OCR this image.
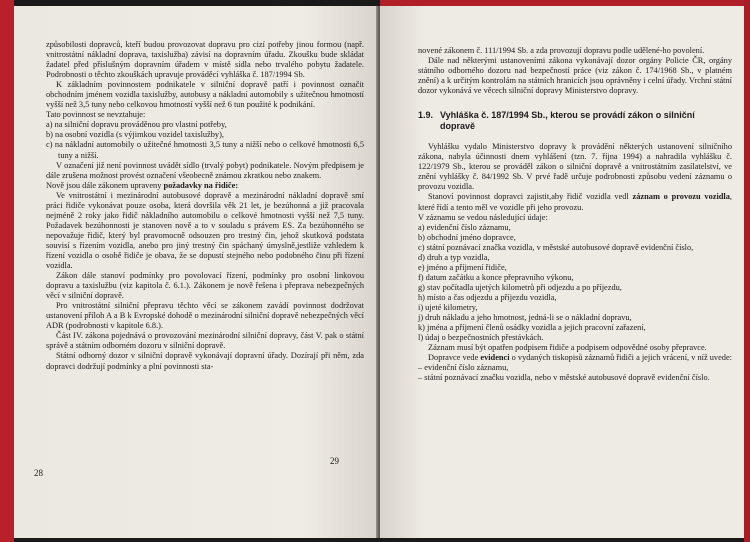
způsobilosti dopravců, kteří budou provozovat dopravu pro cizí potřeby jinou formou (např. vnitrostátní nákladní doprava, taxislužba) závisí na dopravním úřadu. Zkoušku bude skládat žadatel před příslušným dopravním úřadem v místě sídla nebo trvalého pobytu žadatele. Podrobnosti o těchto zkouškách upravuje prováděcí vyhláška č. 187/1994 Sb.

K základním povinnostem podnikatele v silniční dopravě patří i povinnost označit obchodním jménem vozidla taxislužby, autobusy a nákladní automobily s užitečnou hmotností vyšší než 3,5 tuny nebo celkovou hmotností vyšší než 6 tun použité k podnikání.

Tato povinnost se nevztahuje:

a) na silniční dopravu prováděnou pro vlastní potřeby,

b) na osobní vozidla (s výjimkou vozidel taxislužby),

c) na nákladní automobily o užitečné hmotnosti 3,5 tuny a nižší nebo o celkové hmotnosti 6,5 tuny a nižší.

V označení již není povinnost uvádět sídlo (trvalý pobyt) podnikatele. Novým předpisem je dále zrušena možnost provést označení všeobecně známou zkratkou nebo znakem.

Nově jsou dále zákonem upraveny požadavky na řidiče:

Ve vnitrostátní i mezinárodní autobusové dopravě a mezinárodní nákladní dopravě smí práci řidiče vykonávat pouze osoba, která dovršila věk 21 let, je bezúhonná a již pracovala nejméně 2 roky jako řidič nákladního automobilu o celkové hmotnosti vyšší než 7,5 tuny. Požadavek bezúhonnosti je stanoven nově a to v souladu s právem ES. Za bezúhonného se nepovažuje řidič, který byl pravomocně odsouzen pro trestný čin, jehož skutková podstata souvisí s řízením vozidla, anebo pro jiný trestný čin spáchaný úmyslně,jestliže vzhledem k řízení vozidla o osobě řidiče je obava, že se dopustí stejného nebo podobného činu při řízení vozidla.

Zákon dále stanoví podmínky pro povolovací řízení, podmínky pro osobní linkovou dopravu a taxislužbu (viz kapitola č. 6.1.). Zákonem je nově řešena i přeprava nebezpečných věcí v silniční dopravě.

Pro vnitrostátní silniční přepravu těchto věcí se zákonem zavádí povinnost dodržovat ustanovení příloh A a B k Evropské dohodě o mezinárodní silniční dopravě nebezpečných věcí ADR (podrobnosti v kapitole 6.8.).

Část IV. zákona pojednává o provozování mezinárodní silniční dopravy, část V. pak o státní správě a státním odborném dozoru v silniční dopravě.

Státní odborný dozor v silniční dopravě vykonávají dopravní úřady. Dozírají při něm, zda dopravci dodržují podmínky a plní povinnosti sta-

28

novené zákonem č. 111/1994 Sb. a zda provozují dopravu podle udělené-ho povolení.

Dále nad některými ustanoveními zákona vykonávají dozor orgány Policie ČR, orgány státního odborného dozoru nad bezpečností práce (viz zákon č. 174/1968 Sb., v platném znění) a k určitým kontrolám na státních hranicích jsou oprávněny i celní úřady. Vrchní státní dozor vykonává ve věcech silniční dopravy Ministerstvo dopravy.

1.9. Vyhláška č. 187/1994 Sb., kterou se provádí zákon o silniční dopravě

Vyhlášku vydalo Ministerstvo dopravy k provádění některých ustanovení silničního zákona, nabyla účinnosti dnem vyhlášení (tzn. 7. října 1994) a nahradila vyhlášku č. 122/1979 Sb., kterou se prováděl zákon o silniční dopravě a vnitrostátním zasílatelství, ve znění vyhlášky č. 84/1992 Sb. V prvé řadě určuje podrobnosti způsobu vedení záznamu o provozu vozidla.

Stanoví povinnost dopravci zajistit,aby řidič vozidla vedl záznam o provozu vozidla, které řídí a tento měl ve vozidle při jeho provozu.

V záznamu se vedou následující údaje:

a) evidenční číslo záznamu,

b) obchodní jméno dopravce,

c) státní poznávací značka vozidla, v městské autobusové dopravě evidenční číslo,

d) druh a typ vozidla,

e) jméno a příjmení řidiče,

f) datum začátku a konce přepravního výkonu,

g) stav počítadla ujetých kilometrů při odjezdu a po příjezdu,

h) místo a čas odjezdu a příjezdu vozidla,

i) ujeté kilometry,

j) druh nákladu a jeho hmotnost, jedná-li se o nákladní dopravu,

k) jména a příjmení členů osádky vozidla a jejich pracovní zařazení,

l) údaj o bezpečnostních přestávkách.

Záznam musí být opatřen podpisem řidiče a podpisem odpovědné osoby přepravce.

Dopravce vede evidenci o vydaných tiskopisů záznamů řidiči a jejich vrácení, v níž uvede:

– evidenční číslo záznamu,

– státní poznávací značku vozidla, nebo v městské autobusové dopravě evidenční číslo.

29
